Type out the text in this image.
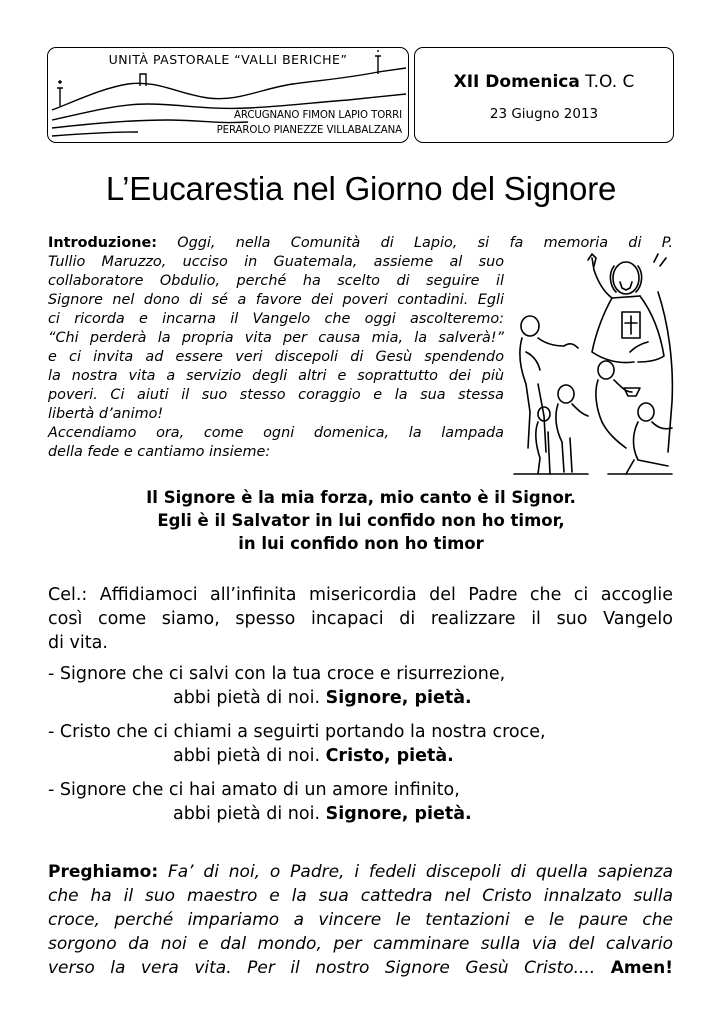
UNITÀ PASTORALE “VALLI BERICHE”
ARCUGNANO FIMON LAPIO TORRI
PERAROLO PIANEZZE VILLABALZANA
XII Domenica T.O. C
23 Giugno 2013
L’Eucarestia nel Giorno del Signore
Introduzione: Oggi, nella Comunità di Lapio, si fa memoria di P.
Tullio Maruzzo, ucciso in Guatemala, assieme al suo
collaboratore Obdulio, perché ha scelto di seguire il
Signore nel dono di sé a favore dei poveri contadini. Egli
ci ricorda e incarna il Vangelo che oggi ascolteremo:
“Chi perderà la propria vita per causa mia, la salverà!”
e ci invita ad essere veri discepoli di Gesù spendendo
la nostra vita a servizio degli altri e soprattutto dei più
poveri. Ci aiuti il suo stesso coraggio e la sua stessa
libertà d’animo!
Accendiamo ora, come ogni domenica, la lampada
della fede e cantiamo insieme:
Il Signore è la mia forza, mio canto è il Signor.
Egli è il Salvator in lui confido non ho timor,
in lui confido non ho timor
Cel.: Affidiamoci all’infinita misericordia del Padre che ci accoglie
così come siamo, spesso incapaci di realizzare il suo Vangelo
di vita.
- Signore che ci salvi con la tua croce e risurrezione,
abbi pietà di noi. Signore, pietà.
- Cristo che ci chiami a seguirti portando la nostra croce,
abbi pietà di noi. Cristo, pietà.
- Signore che ci hai amato di un amore infinito,
abbi pietà di noi. Signore, pietà.
Preghiamo: Fa’ di noi, o Padre, i fedeli discepoli di quella sapienza
che ha il suo maestro e la sua cattedra nel Cristo innalzato sulla
croce, perché impariamo a vincere le tentazioni e le paure che
sorgono da noi e dal mondo, per camminare sulla via del calvario
verso la vera vita. Per il nostro Signore Gesù Cristo.... Amen!
